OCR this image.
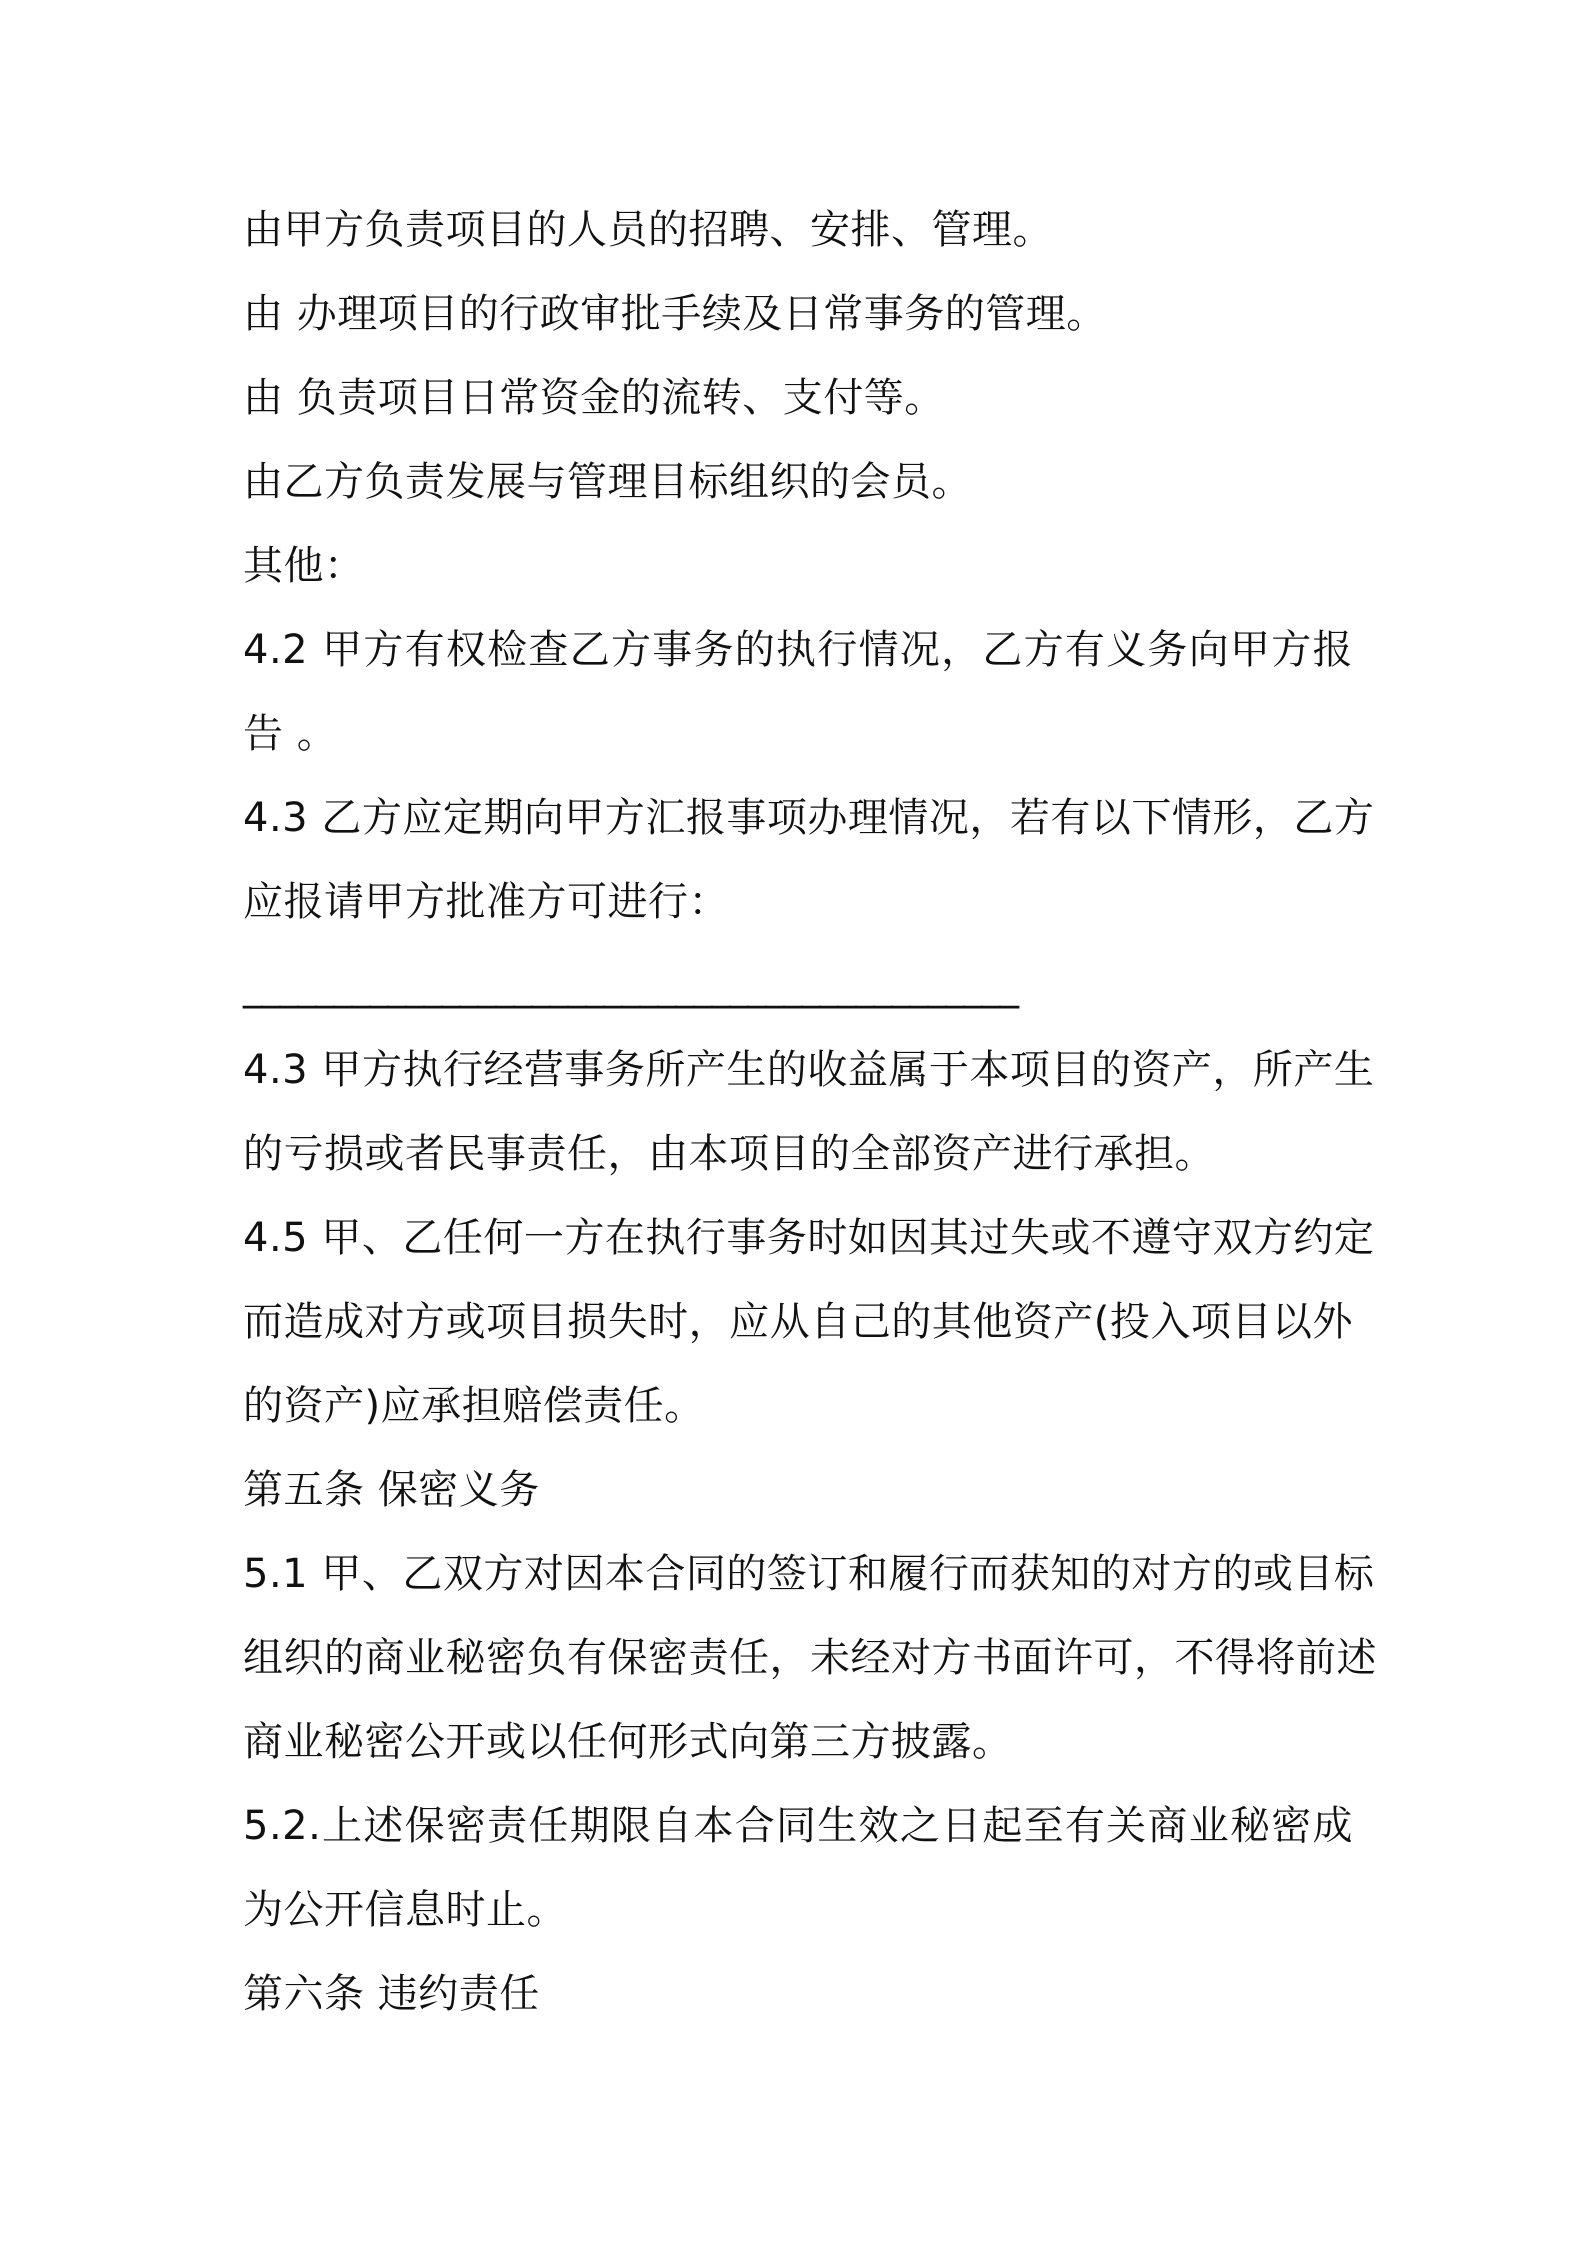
由甲方负责项目的人员的招聘、安排、管理。
由 办理项目的行政审批手续及日常事务的管理。
由 负责项目日常资金的流转、支付等。
由乙方负责发展与管理目标组织的会员。
其他：
4.2 甲方有权检查乙方事务的执行情况，乙方有义务向甲方报
告 。
4.3 乙方应定期向甲方汇报事项办理情况，若有以下情形，乙方
应报请甲方批准方可进行：
___________________________________________
4.3 甲方执行经营事务所产生的收益属于本项目的资产，所产生
的亏损或者民事责任，由本项目的全部资产进行承担。
4.5 甲、乙任何一方在执行事务时如因其过失或不遵守双方约定
而造成对方或项目损失时，应从自己的其他资产(投入项目以外
的资产)应承担赔偿责任。
第五条 保密义务
5.1 甲、乙双方对因本合同的签订和履行而获知的对方的或目标
组织的商业秘密负有保密责任，未经对方书面许可，不得将前述
商业秘密公开或以任何形式向第三方披露。
5.2.上述保密责任期限自本合同生效之日起至有关商业秘密成
为公开信息时止。
第六条 违约责任
